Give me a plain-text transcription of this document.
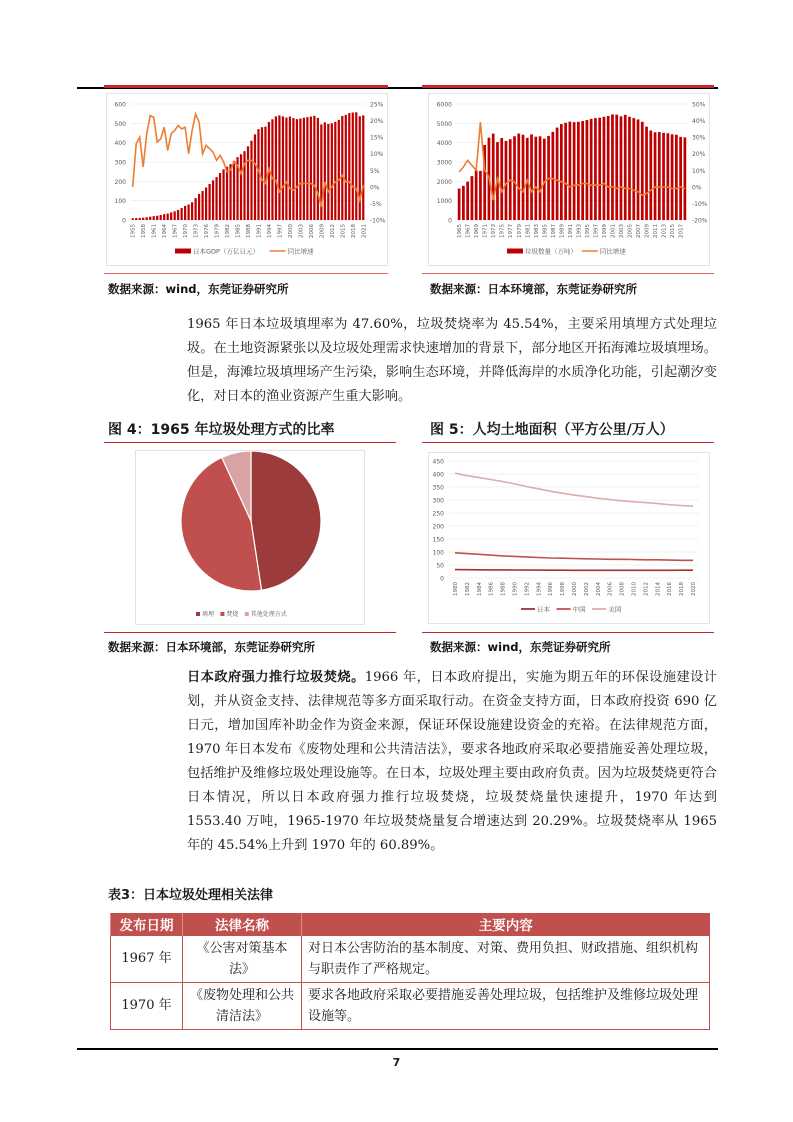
0
100
200
300
400
500
600
-10%
-5%
0%
5%
10%
15%
20%
25%
1955 1958 1961 1964 1967 1970 1973 1976 1979 1982 1985 1988 1991 1994 1997 2000 2003 2006 2009 2012 2015 2018 2021
日本GDP（万亿日元）	同比增速
数据来源：wind，东莞证券研究所
0
1000
2000
3000
4000
5000
6000
-20%
-10%
0%
10%
20%
30%
40%
50%
1965 1967 1969 1971 1973 1975 1977 1979 1981 1983 1985 1987 1989 1991 1993 1995 1997 1999 2001 2003 2005 2007 2009 2011 2013 2015 2017
垃圾数量（万吨）	同比增速
数据来源：日本环境部，东莞证券研究所
1965 年日本垃圾填埋率为 47.60%，垃圾焚烧率为 45.54%，主要采用填埋方式处理垃圾。在土地资源紧张以及垃圾处理需求快速增加的背景下，部分地区开拓海滩垃圾填埋场。但是，海滩垃圾填埋场产生污染，影响生态环境，并降低海岸的水质净化功能，引起潮汐变化，对日本的渔业资源产生重大影响。
图 4：1965 年垃圾处理方式的比率
填埋 焚烧 其他处理方式
数据来源：日本环境部，东莞证券研究所
图 5：人均土地面积（平方公里/万人）
0
50
100
150
200
250
300
350
400
450
1980 1982 1984 1986 1988 1990 1992 1994 1996 1998 2000 2002 2004 2006 2008 2010 2012 2014 2016 2018 2020
日本	中国	美国
数据来源：wind，东莞证券研究所
日本政府强力推行垃圾焚烧。1966 年，日本政府提出，实施为期五年的环保设施建设计划，并从资金支持、法律规范等多方面采取行动。在资金支持方面，日本政府投资 690 亿日元，增加国库补助金作为资金来源，保证环保设施建设资金的充裕。在法律规范方面，1970 年日本发布《废物处理和公共清洁法》，要求各地政府采取必要措施妥善处理垃圾，包括维护及维修垃圾处理设施等。在日本，垃圾处理主要由政府负责。因为垃圾焚烧更符合日本情况，所以日本政府强力推行垃圾焚烧，垃圾焚烧量快速提升，1970 年达到 1553.40 万吨，1965-1970 年垃圾焚烧量复合增速达到 20.29%。垃圾焚烧率从 1965 年的 45.54%上升到 1970 年的 60.89%。
表3：日本垃圾处理相关法律
发布日期	法律名称	主要内容
1967 年	《公害对策基本法》	对日本公害防治的基本制度、对策、费用负担、财政措施、组织机构与职责作了严格规定。
1970 年	《废物处理和公共清洁法》	要求各地政府采取必要措施妥善处理垃圾，包括维护及维修垃圾处理设施等。
7
